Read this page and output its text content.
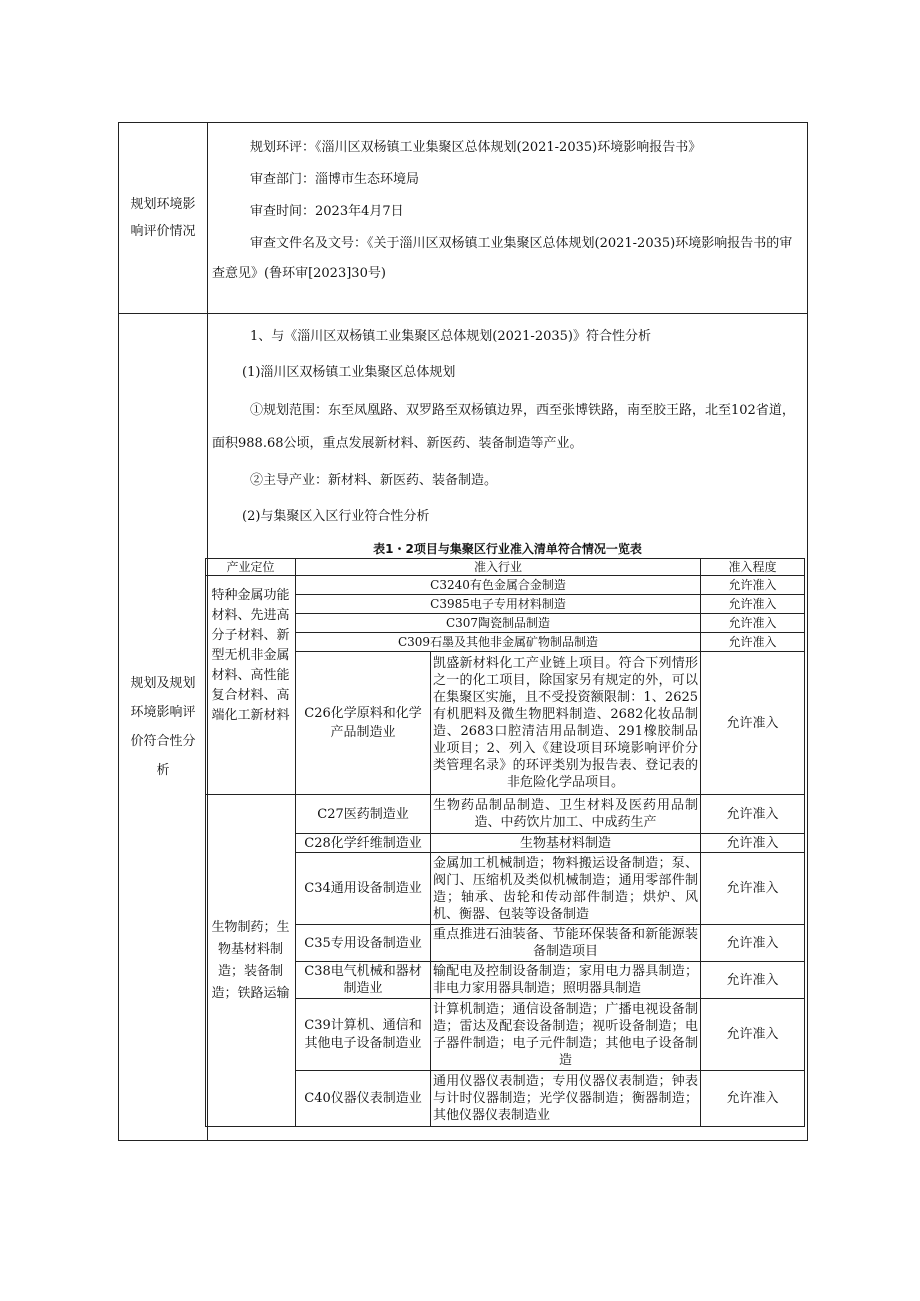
规划环境影
响评价情况

规划环评：《淄川区双杨镇工业集聚区总体规划(2021-2035)环境影响报告书》

审查部门：淄博市生态环境局

审查时间：2023年4月7日

审查文件名及文号：《关于淄川区双杨镇工业集聚区总体规划(2021-2035)环境影响报告书的审查意见》(鲁环审[2023]30号)

规划及规划
环境影响评
价符合性分
析

1、与《淄川区双杨镇工业集聚区总体规划(2021-2035)》符合性分析

(1)淄川区双杨镇工业集聚区总体规划

①规划范围：东至凤凰路、双罗路至双杨镇边界，西至张博铁路，南至胶王路，北至102省道，面积988.68公顷，重点发展新材料、新医药、装备制造等产业。

②主导产业：新材料、新医药、装备制造。

(2)与集聚区入区行业符合性分析

表1・2项目与集聚区行业准入清单符合情况一览表

产业定位	准入行业	准入程度
特种金属功能材料、先进高分子材料、新型无机非金属材料、高性能复合材料、高端化工新材料	C3240有色金属合金制造	允许准入
C3985电子专用材料制造	允许准入
C307陶瓷制品制造	允许准入
C309石墨及其他非金属矿物制品制造	允许准入
C26化学原料和化学产品制造业	凯盛新材料化工产业链上项目。符合下列情形之一的化工项目，除国家另有规定的外，可以在集聚区实施，且不受投资额限制：1、2625有机肥料及微生物肥料制造、2682化妆品制造、2683口腔清洁用品制造、291橡胶制品业项目；2、列入《建设项目环境影响评价分类管理名录》的环评类别为报告表、登记表的非危险化学品项目。	允许准入
生物制药；生物基材料制造；装备制造；铁路运输	C27医药制造业	生物药品制品制造、卫生材料及医药用品制造、中药饮片加工、中成药生产	允许准入
C28化学纤维制造业	生物基材料制造	允许准入
C34通用设备制造业	金属加工机械制造；物料搬运设备制造；泵、阀门、压缩机及类似机械制造；通用零部件制造；轴承、齿轮和传动部件制造；烘炉、风机、衡器、包装等设备制造	允许准入
C35专用设备制造业	重点推进石油装备、节能环保装备和新能源装备制造项目	允许准入
C38电气机械和器材制造业	输配电及控制设备制造；家用电力器具制造；非电力家用器具制造；照明器具制造	允许准入
C39计算机、通信和其他电子设备制造业	计算机制造；通信设备制造；广播电视设备制造；雷达及配套设备制造；视听设备制造；电子器件制造；电子元件制造；其他电子设备制造	允许准入
C40仪器仪表制造业	通用仪器仪表制造；专用仪器仪表制造；钟表与计时仪器制造；光学仪器制造；衡器制造；其他仪器仪表制造业	允许准入
